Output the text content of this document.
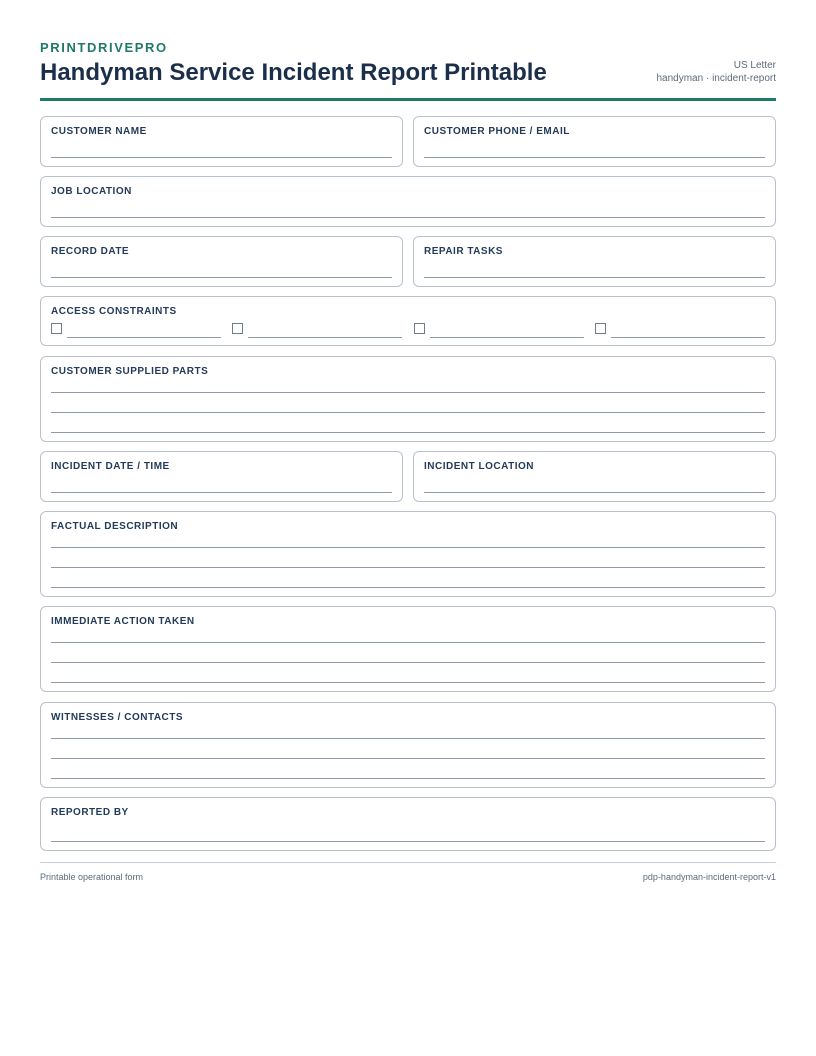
PRINTDRIVEPRO
Handyman Service Incident Report Printable	US Letter
handyman · incident-report
CUSTOMER NAME	CUSTOMER PHONE / EMAIL
JOB LOCATION
RECORD DATE	REPAIR TASKS
ACCESS CONSTRAINTS
CUSTOMER SUPPLIED PARTS
INCIDENT DATE / TIME	INCIDENT LOCATION
FACTUAL DESCRIPTION
IMMEDIATE ACTION TAKEN
WITNESSES / CONTACTS
REPORTED BY
Printable operational form	pdp-handyman-incident-report-v1
